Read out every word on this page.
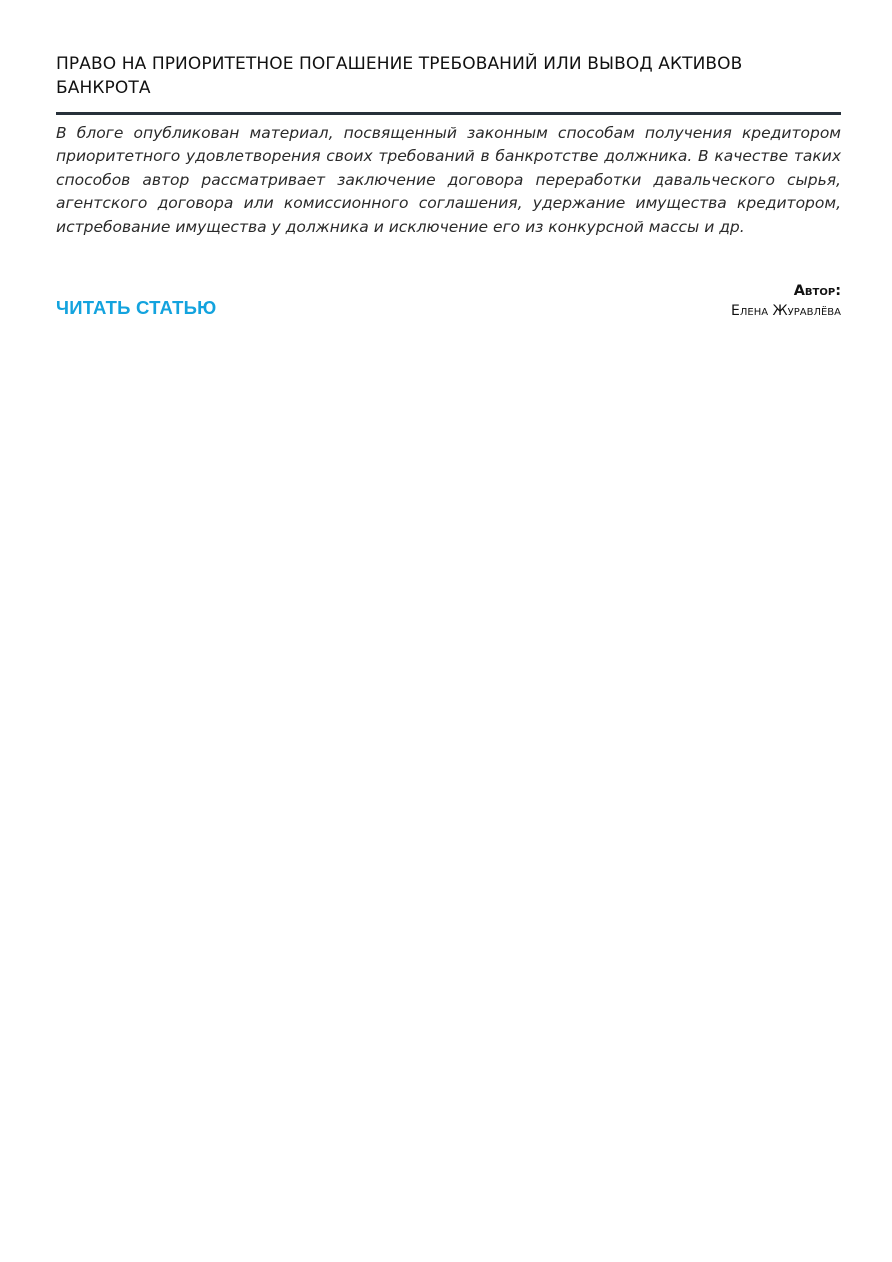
ПРАВО НА ПРИОРИТЕТНОЕ ПОГАШЕНИЕ ТРЕБОВАНИЙ ИЛИ ВЫВОД АКТИВОВ БАНКРОТА

В блоге опубликован материал, посвященный законным способам получения кредитором приоритетного удовлетворения своих требований в банкротстве должника. В качестве таких способов автор рассматривает заключение договора переработки давальческого сырья, агентского договора или комиссионного соглашения, удержание имущества кредитором, истребование имущества у должника и исключение его из конкурсной массы и др.

ЧИТАТЬ СТАТЬЮ
Автор:
Елена Журавлёва
